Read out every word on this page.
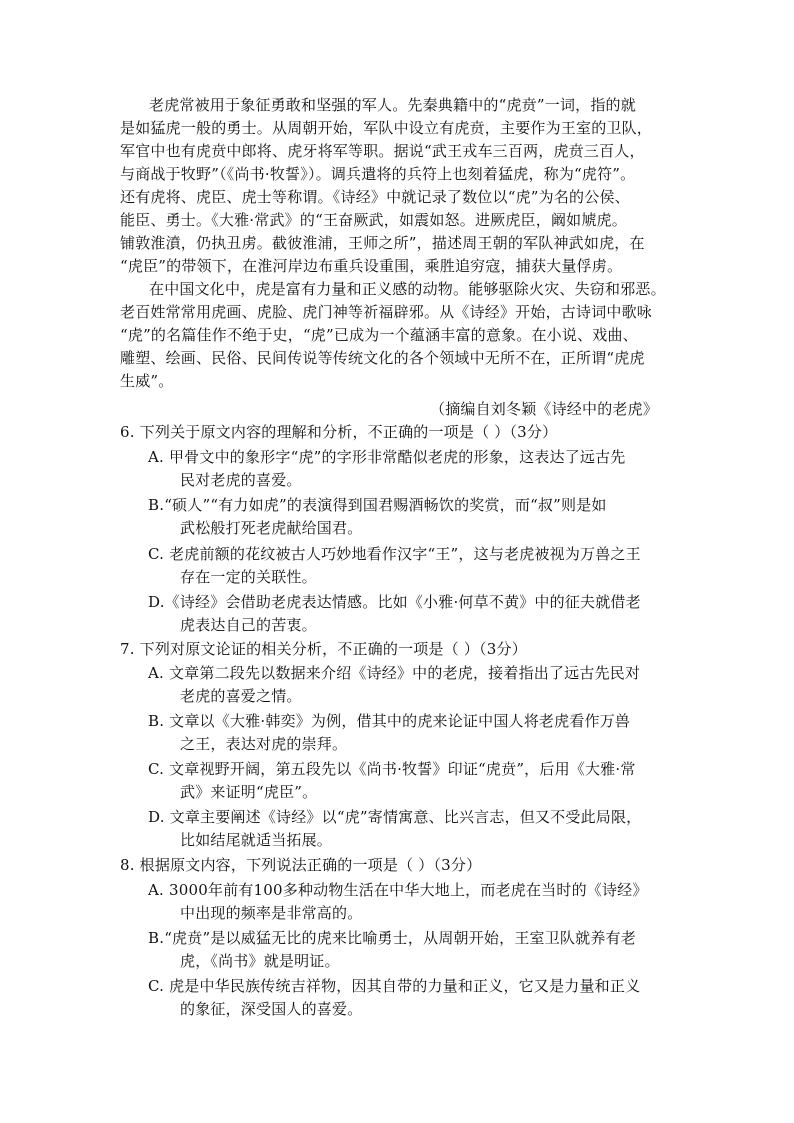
老虎常被用于象征勇敢和坚强的军人。先秦典籍中的“虎贲”一词，指的就
是如猛虎一般的勇士。从周朝开始，军队中设立有虎贲，主要作为王室的卫队，
军官中也有虎贲中郎将、虎牙将军等职。据说“武王戎车三百两，虎贲三百人，
与商战于牧野”（《尚书·牧誓》）。调兵遣将的兵符上也刻着猛虎，称为“虎符”。
还有虎将、虎臣、虎士等称谓。《诗经》中就记录了数位以“虎”为名的公侯、
能臣、勇士。《大雅·常武》的“王奋厥武，如震如怒。进厥虎臣，阚如虓虎。
铺敦淮濆，仍执丑虏。截彼淮浦，王师之所”，描述周王朝的军队神武如虎，在
“虎臣”的带领下，在淮河岸边布重兵设重围，乘胜追穷寇，捕获大量俘虏。
在中国文化中，虎是富有力量和正义感的动物。能够驱除火灾、失窃和邪恶。
老百姓常常用虎画、虎脸、虎门神等祈福辟邪。从《诗经》开始，古诗词中歌咏
“虎”的名篇佳作不绝于史，“虎”已成为一个蕴涵丰富的意象。在小说、戏曲、
雕塑、绘画、民俗、民间传说等传统文化的各个领域中无所不在，正所谓“虎虎
生威”。
（摘编自刘冬颖《诗经中的老虎》
6. 下列关于原文内容的理解和分析，不正确的一项是（ ）（3分）
A. 甲骨文中的象形字“虎”的字形非常酷似老虎的形象，这表达了远古先
民对老虎的喜爱。
B.“硕人”“有力如虎”的表演得到国君赐酒畅饮的奖赏，而“叔”则是如
武松般打死老虎献给国君。
C. 老虎前额的花纹被古人巧妙地看作汉字“王”，这与老虎被视为万兽之王
存在一定的关联性。
D.《诗经》会借助老虎表达情感。比如《小雅·何草不黄》中的征夫就借老
虎表达自己的苦衷。
7. 下列对原文论证的相关分析，不正确的一项是（ ）（3分）
A. 文章第二段先以数据来介绍《诗经》中的老虎，接着指出了远古先民对
老虎的喜爱之情。
B. 文章以《大雅·韩奕》为例，借其中的虎来论证中国人将老虎看作万兽
之王，表达对虎的崇拜。
C. 文章视野开阔，第五段先以《尚书·牧誓》印证“虎贲”，后用《大雅·常
武》来证明“虎臣”。
D. 文章主要阐述《诗经》以“虎”寄情寓意、比兴言志，但又不受此局限，
比如结尾就适当拓展。
8. 根据原文内容，下列说法正确的一项是（ ）（3分）
A. 3000年前有100多种动物生活在中华大地上，而老虎在当时的《诗经》
中出现的频率是非常高的。
B.“虎贲”是以威猛无比的虎来比喻勇士，从周朝开始，王室卫队就养有老
虎，《尚书》就是明证。
C. 虎是中华民族传统吉祥物，因其自带的力量和正义，它又是力量和正义
的象征，深受国人的喜爱。
